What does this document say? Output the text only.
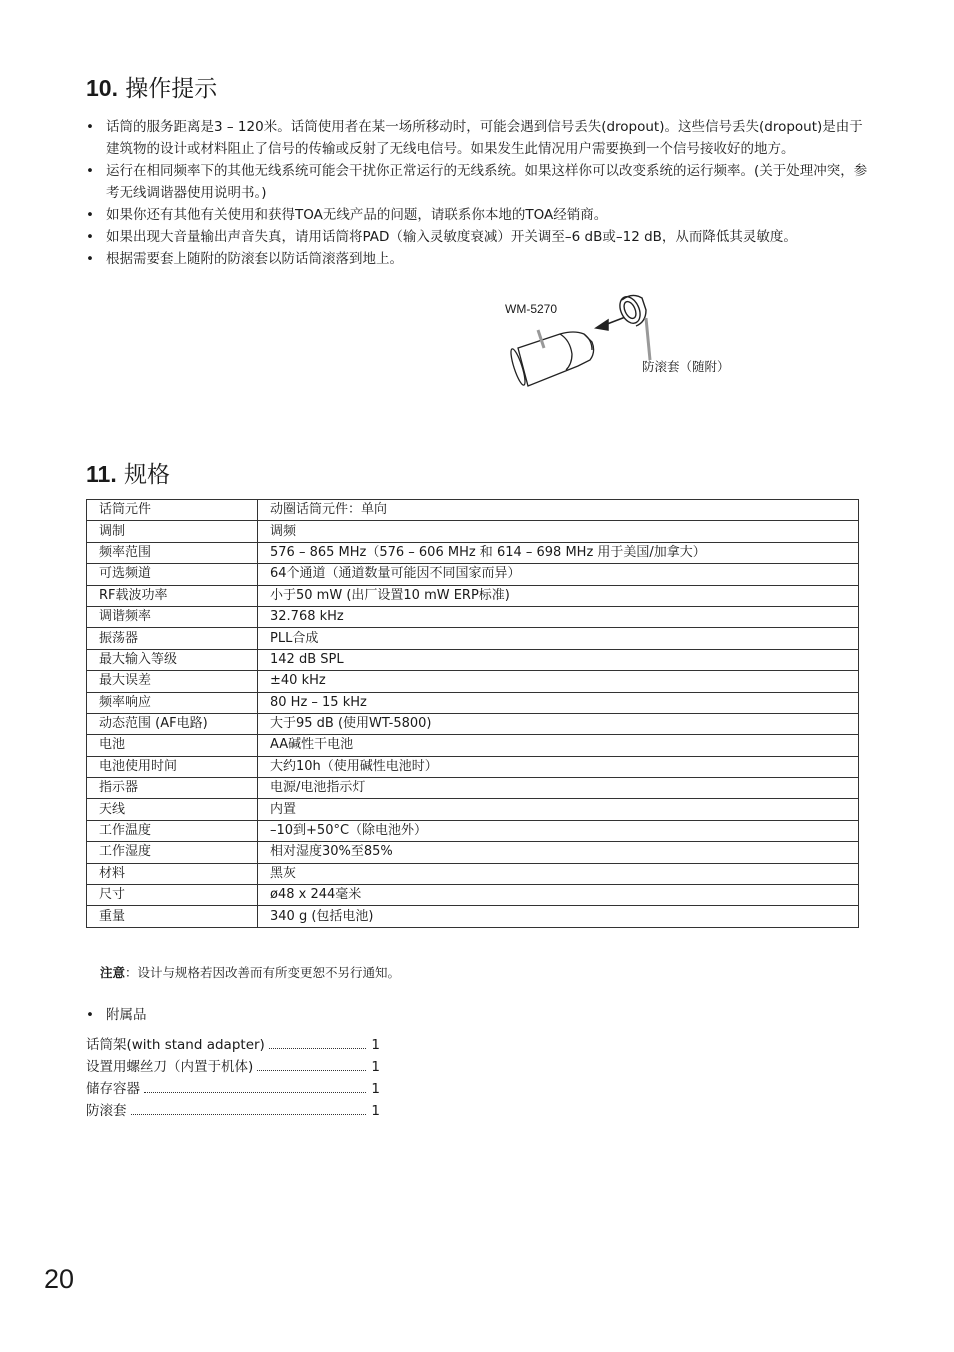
10. 操作提示
• 话筒的服务距离是3 – 120米。话筒使用者在某一场所移动时，可能会遇到信号丢失(dropout)。这些信号丢失(dropout)是由于建筑物的设计或材料阻止了信号的传输或反射了无线电信号。如果发生此情况用户需要换到一个信号接收好的地方。
• 运行在相同频率下的其他无线系统可能会干扰你正常运行的无线系统。如果这样你可以改变系统的运行频率。(关于处理冲突，参考无线调谐器使用说明书。)
• 如果你还有其他有关使用和获得TOA无线产品的问题，请联系你本地的TOA经销商。
• 如果出现大音量输出声音失真，请用话筒将PAD（输入灵敏度衰减）开关调至–6 dB或–12 dB，从而降低其灵敏度。
• 根据需要套上随附的防滚套以防话筒滚落到地上。
WM-5270
防滚套（随附）
11. 规格
话筒元件	动圈话筒元件：单向
调制	调频
频率范围	576 – 865 MHz（576 – 606 MHz 和 614 – 698 MHz 用于美国/加拿大）
可选频道	64个通道（通道数量可能因不同国家而异）
RF载波功率	小于50 mW (出厂设置10 mW ERP标准)
调谐频率	32.768 kHz
振荡器	PLL合成
最大输入等级	142 dB SPL
最大误差	±40 kHz
频率响应	80 Hz – 15 kHz
动态范围 (AF电路)	大于95 dB (使用WT-5800)
电池	AA碱性干电池
电池使用时间	大约10h（使用碱性电池时）
指示器	电源/电池指示灯
天线	内置
工作温度	–10到+50°C（除电池外）
工作湿度	相对湿度30%至85%
材料	黑灰
尺寸	ø48 x 244毫米
重量	340 g (包括电池)
注意：设计与规格若因改善而有所变更恕不另行通知。
• 附属品
话筒架(with stand adapter)	1
设置用螺丝刀（内置于机体)	1
储存容器	1
防滚套	1
20
